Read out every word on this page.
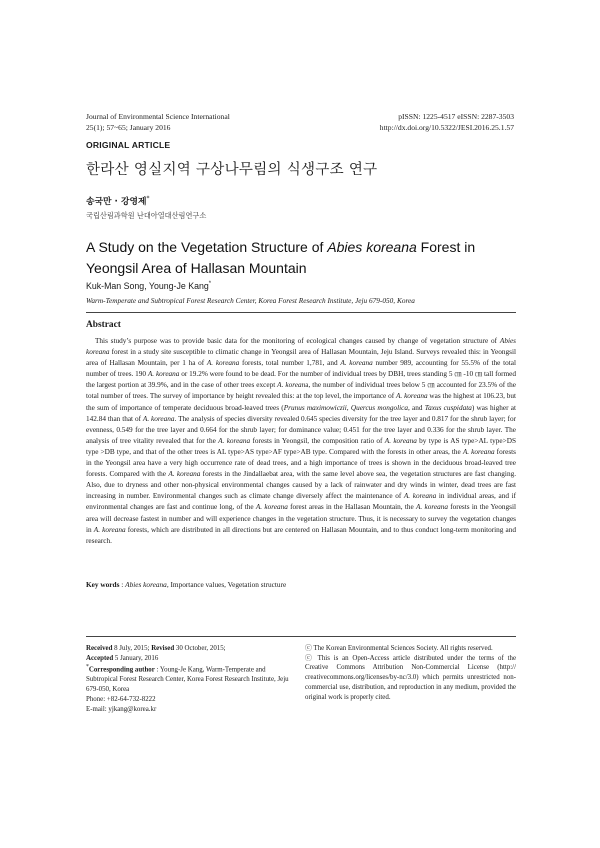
Journal of Environmental Science International
25(1); 57~65; January 2016
pISSN: 1225-4517 eISSN: 2287-3503
http://dx.doi.org/10.5322/JESI.2016.25.1.57
ORIGINAL ARTICLE
한라산 영실지역 구상나무림의 식생구조 연구
송국만 · 강영제*
국립산림과학원 난대아열대산림연구소
A Study on the Vegetation Structure of Abies koreana Forest in Yeongsil Area of Hallasan Mountain
Kuk-Man Song, Young-Je Kang*
Warm-Temperate and Subtropical Forest Research Center, Korea Forest Research Institute, Jeju 679-050, Korea
Abstract
This study’s purpose was to provide basic data for the monitoring of ecological changes caused by change of vegetation structure of Abies koreana forest in a study site susceptible to climatic change in Yeongsil area of Hallasan Mountain, Jeju Island. Surveys revealed this: in Yeongsil area of Hallasan Mountain, per 1 ha of A. koreana forests, total number 1,781, and A. koreana number 989, accounting for 55.5% of the total number of trees. 190 A. koreana or 19.2% were found to be dead. For the number of individual trees by DBH, trees standing 5 ㎝ -10 ㎝ tall formed the largest portion at 39.9%, and in the case of other trees except A. koreana, the number of individual trees below 5 ㎝ accounted for 23.5% of the total number of trees. The survey of importance by height revealed this: at the top level, the importance of A. koreana was the highest at 106.23, but the sum of importance of temperate deciduous broad-leaved trees (Prunus maximowiczii, Quercus mongolica, and Taxus cuspidata) was higher at 142.84 than that of A. koreana. The analysis of species diversity revealed 0.645 species diversity for the tree layer and 0.817 for the shrub layer; for evenness, 0.549 for the tree layer and 0.664 for the shrub layer; for dominance value; 0.451 for the tree layer and 0.336 for the shrub layer. The analysis of tree vitality revealed that for the A. koreana forests in Yeongsil, the composition ratio of A. koreana by type is AS type>AL type>DS type >DB type, and that of the other trees is AL type>AS type>AF type>AB type. Compared with the forests in other areas, the A. koreana forests in the Yeongsil area have a very high occurrence rate of dead trees, and a high importance of trees is shown in the deciduous broad-leaved tree forests. Compared with the A. koreana forests in the Jindallaebat area, with the same level above sea, the vegetation structures are fast changing. Also, due to dryness and other non-physical environmental changes caused by a lack of rainwater and dry winds in winter, dead trees are fast increasing in number. Environmental changes such as climate change diversely affect the maintenance of A. koreana in individual areas, and if environmental changes are fast and continue long, of the A. koreana forest areas in the Hallasan Mountain, the A. koreana forests in the Yeongsil area will decrease fastest in number and will experience changes in the vegetation structure. Thus, it is necessary to survey the vegetation changes in A. koreana forests, which are distributed in all directions but are centered on Hallasan Mountain, and to thus conduct long-term monitoring and research.
Key words : Abies koreana, Importance values, Vegetation structure
Received 8 July, 2015; Revised 30 October, 2015;
Accepted 5 January, 2016
*Corresponding author : Young-Je Kang, Warm-Temperate and Subtropical Forest Research Center, Korea Forest Research Institute, Jeju 679-050, Korea
Phone: +82-64-732-8222
E-mail: yjkang@korea.kr
ⓒ The Korean Environmental Sciences Society. All rights reserved.
ⓒ This is an Open-Access article distributed under the terms of the Creative Commons Attribution Non-Commercial License (http:// creativecommons.org/licenses/by-nc/3.0) which permits unrestricted non-commercial use, distribution, and reproduction in any medium, provided the original work is properly cited.
